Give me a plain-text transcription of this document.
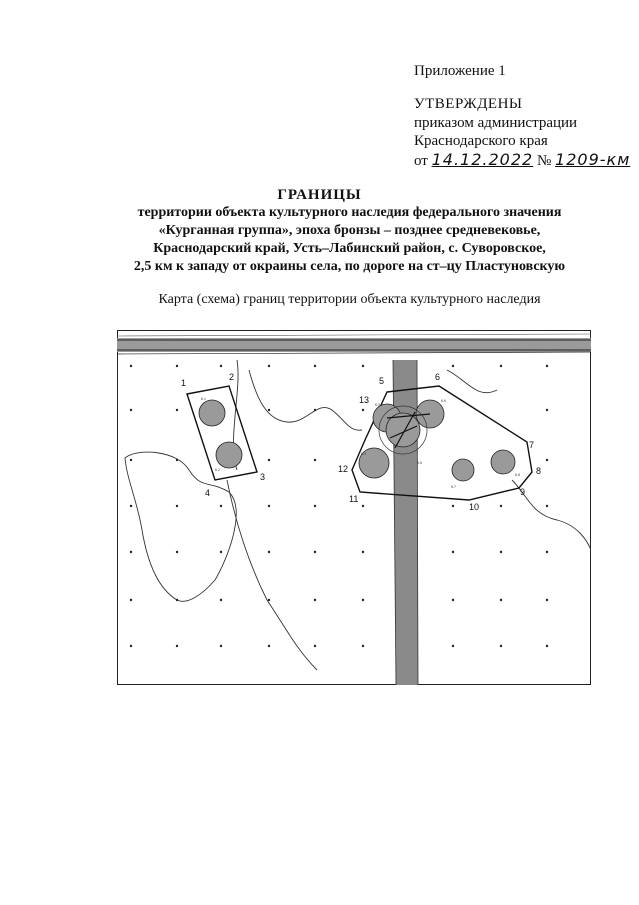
Приложение 1
УТВЕРЖДЕНЫ
приказом администрации
Краснодарского края
от 14.12.2022 № 1209-км
ГРАНИЦЫ
территории объекта культурного наследия федерального значения
«Курганная группа», эпоха бронзы – позднее средневековье,
Краснодарский край, Усть–Лабинский район, с. Суворовское,
2,5 км к западу от окраины села, по дороге на ст–цу Пластуновскую
Карта (схема) границ территории объекта культурного наследия
1
2
3
4
К.1
К.2
5	6
7
8
9
10
11
12
13 К.3
К.4
К.5
К.6
К.7
К.8
